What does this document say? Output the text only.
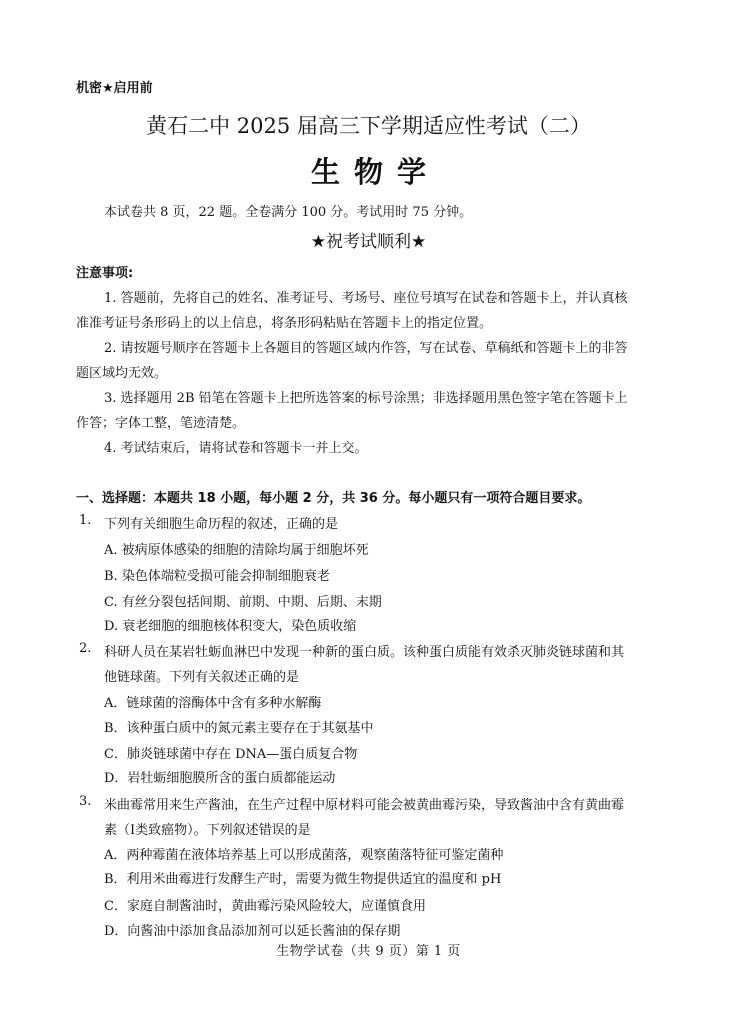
机密★启用前
黄石二中 2025 届高三下学期适应性考试（二）
生物学
本试卷共 8 页，22 题。全卷满分 100 分。考试用时 75 分钟。
★祝考试顺利★
注意事项:
1. 答题前，先将自己的姓名、准考证号、考场号、座位号填写在试卷和答题卡上，并认真核
准准考证号条形码上的以上信息，将条形码粘贴在答题卡上的指定位置。
2. 请按题号顺序在答题卡上各题目的答题区域内作答，写在试卷、草稿纸和答题卡上的非答
题区域均无效。
3. 选择题用 2B 铅笔在答题卡上把所选答案的标号涂黑；非选择题用黑色签字笔在答题卡上
作答；字体工整，笔迹清楚。
4. 考试结束后，请将试卷和答题卡一并上交。
一、选择题：本题共 18 小题，每小题 2 分，共 36 分。每小题只有一项符合题目要求。
1. 下列有关细胞生命历程的叙述，正确的是
A. 被病原体感染的细胞的清除均属于细胞坏死
B. 染色体端粒受损可能会抑制细胞衰老
C. 有丝分裂包括间期、前期、中期、后期、末期
D. 衰老细胞的细胞核体积变大，染色质收缩
2. 科研人员在某岩牡蛎血淋巴中发现一种新的蛋白质。该种蛋白质能有效杀灭肺炎链球菌和其
他链球菌。下列有关叙述正确的是
A．链球菌的溶酶体中含有多种水解酶
B．该种蛋白质中的氮元素主要存在于其氨基中
C．肺炎链球菌中存在 DNA—蛋白质复合物
D．岩牡蛎细胞膜所含的蛋白质都能运动
3. 米曲霉常用来生产酱油，在生产过程中原材料可能会被黄曲霉污染，导致酱油中含有黄曲霉
素（Ⅰ类致癌物）。下列叙述错误的是
A．两种霉菌在液体培养基上可以形成菌落，观察菌落特征可鉴定菌种
B．利用米曲霉进行发酵生产时，需要为微生物提供适宜的温度和 pH
C．家庭自制酱油时，黄曲霉污染风险较大，应谨慎食用
D．向酱油中添加食品添加剂可以延长酱油的保存期
生物学试卷（共 9 页）第 1 页
